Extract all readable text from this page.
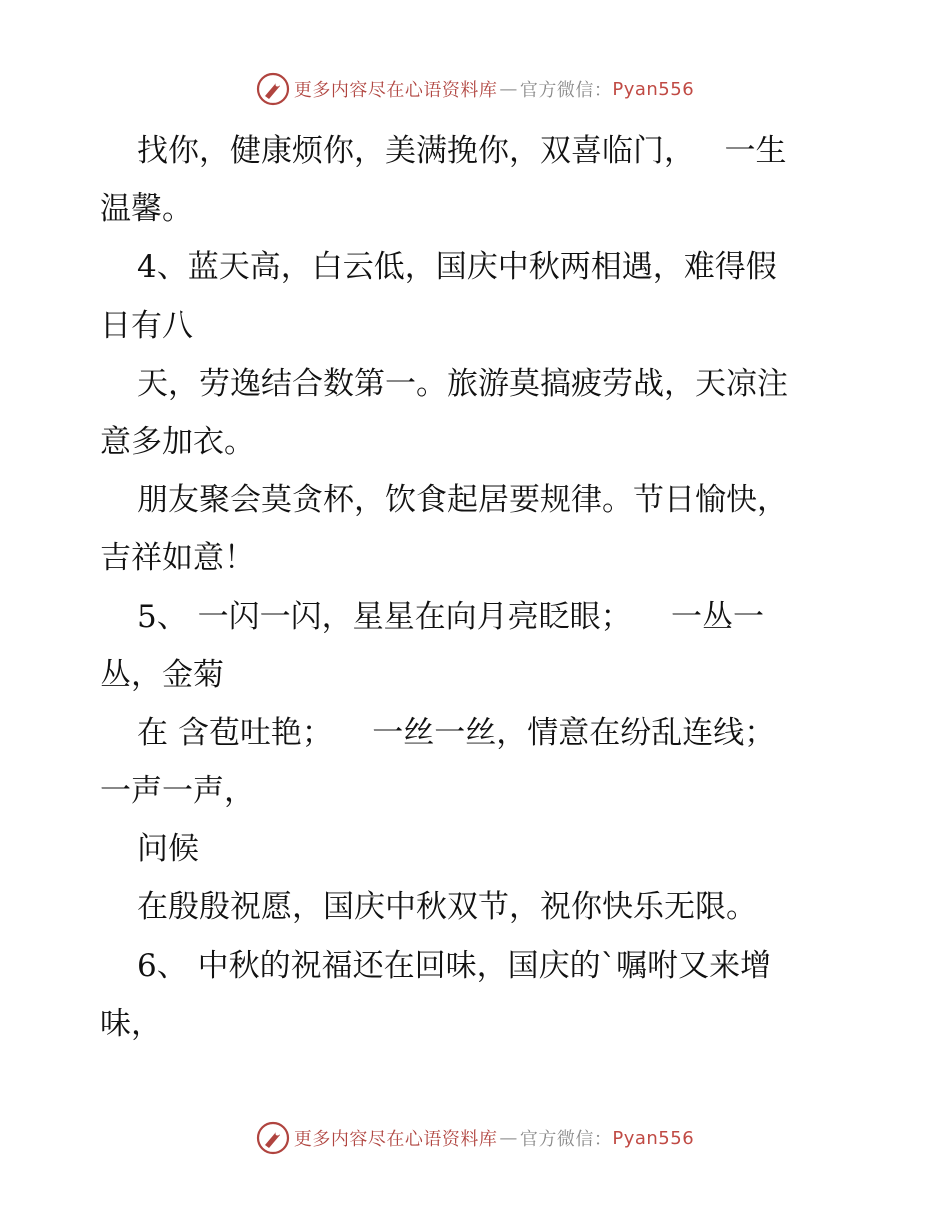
更多内容尽在心语资料库 — 官方微信： Pyan556
找你，健康烦你，美满挽你，双喜临门，   一生
温馨。
4、蓝天高，白云低，国庆中秋两相遇，难得假
日有八
天，劳逸结合数第一。旅游莫搞疲劳战，天凉注
意多加衣。
朋友聚会莫贪杯，饮食起居要规律。节日愉快，
吉祥如意！
5、 一闪一闪，星星在向月亮眨眼；    一丛一
丛，金菊
在 含苞吐艳；    一丝一丝，情意在纷乱连线；
一声一声，
问候
在殷殷祝愿，国庆中秋双节，祝你快乐无限。
6、 中秋的祝福还在回味，国庆的`嘱咐又来增
味，
更多内容尽在心语资料库 — 官方微信： Pyan556
